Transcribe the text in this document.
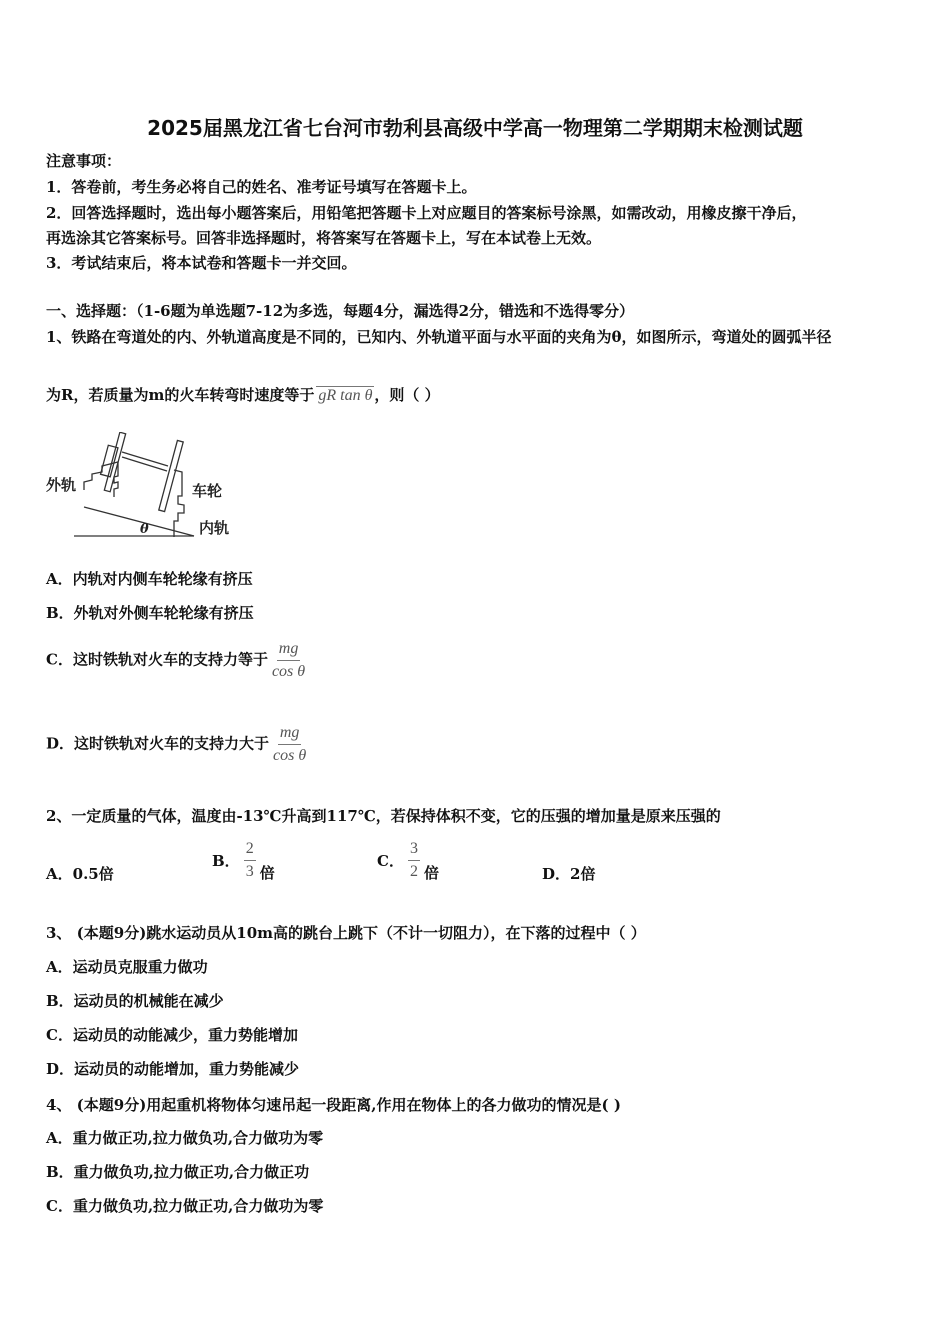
2025届黑龙江省七台河市勃利县高级中学高一物理第二学期期末检测试题
注意事项：
1．答卷前，考生务必将自己的姓名、准考证号填写在答题卡上。
2．回答选择题时，选出每小题答案后，用铅笔把答题卡上对应题目的答案标号涂黑，如需改动，用橡皮擦干净后，
再选涂其它答案标号。回答非选择题时，将答案写在答题卡上，写在本试卷上无效。
3．考试结束后，将本试卷和答题卡一并交回。
一、选择题：（1-6题为单选题7-12为多选，每题4分，漏选得2分，错选和不选得零分）
1、铁路在弯道处的内、外轨道高度是不同的，已知内、外轨道平面与水平面的夹角为θ，如图所示，弯道处的圆弧半径
为R，若质量为m的火车转弯时速度等于 gR tan θ ，则（ ）
外轨	车轮
内轨
θ
A．内轨对内侧车轮轮缘有挤压
B．外轨对外侧车轮轮缘有挤压
C．这时铁轨对火车的支持力等于 $\frac{mg}{\text{cos θ}}$
D．这时铁轨对火车的支持力大于 $\frac{mg}{\text{cos θ}}$
2、一定质量的气体，温度由-13℃升高到117℃，若保持体积不变，它的压强的增加量是原来压强的
A．0.5倍
B． $\frac{2}{3}$ 倍
C． $\frac{3}{2}$ 倍	D．2倍
3、 (本题9分)跳水运动员从10m高的跳台上跳下（不计一切阻力），在下落的过程中（ ）
A．运动员克服重力做功
B．运动员的机械能在减少
C．运动员的动能减少，重力势能增加
D．运动员的动能增加，重力势能减少
4、 (本题9分)用起重机将物体匀速吊起一段距离,作用在物体上的各力做功的情况是( )
A．重力做正功,拉力做负功,合力做功为零
B．重力做负功,拉力做正功,合力做正功
C．重力做负功,拉力做正功,合力做功为零
